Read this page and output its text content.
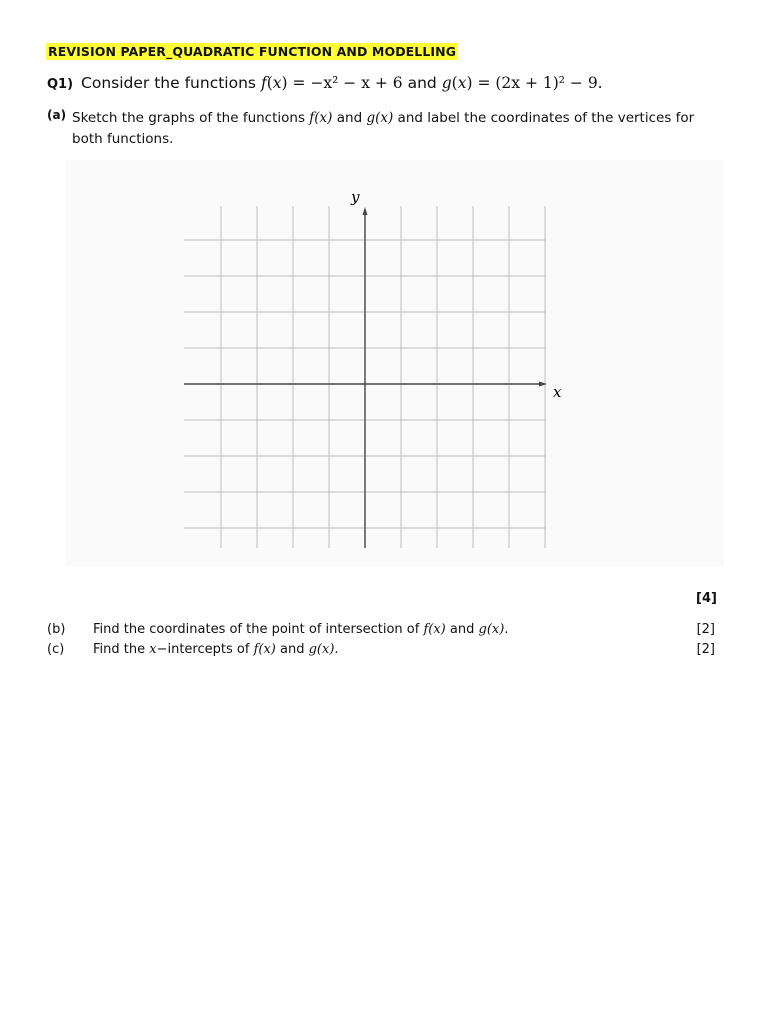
REVISION PAPER_QUADRATIC FUNCTION AND MODELLING
Q1) Consider the functions f(x) = −x² − x + 6 and g(x) = (2x + 1)² − 9.
(a) Sketch the graphs of the functions f(x) and g(x) and label the coordinates of the vertices for both functions.
y
x
[4]
(b) Find the coordinates of the point of intersection of f(x) and g(x).	[2]
(c) Find the x−intercepts of f(x) and g(x).	[2]
